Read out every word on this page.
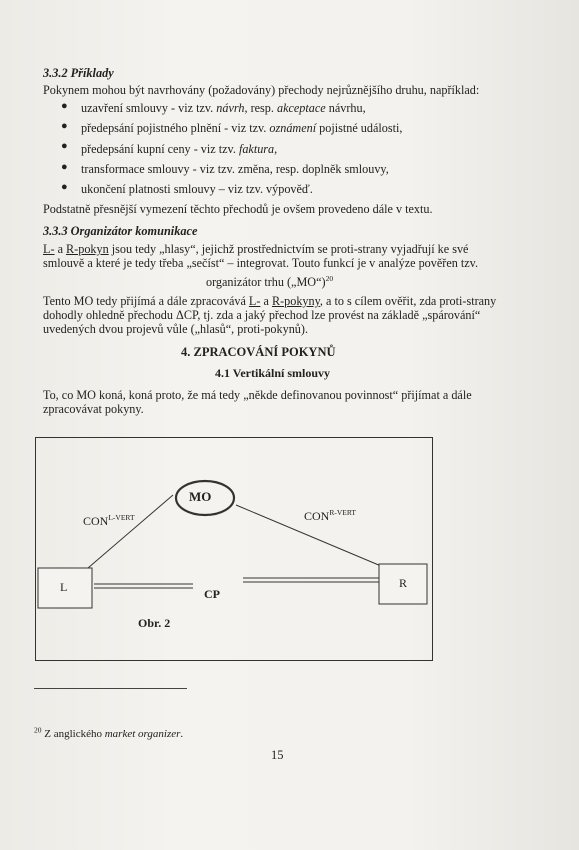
3.3.2 Příklady
Pokynem mohou být navrhovány (požadovány) přechody nejrůznějšího druhu, například:
● uzavření smlouvy - viz tzv. návrh, resp. akceptace návrhu,
● předepsání pojistného plnění - viz tzv. oznámení pojistné události,
● předepsání kupní ceny - viz tzv. faktura,
● transformace smlouvy - viz tzv. změna, resp. doplněk smlouvy,
● ukončení platnosti smlouvy – viz tzv. výpověď.
Podstatně přesnější vymezení těchto přechodů je ovšem provedeno dále v textu.
3.3.3 Organizátor komunikace
L- a R-pokyn jsou tedy „hlasy“, jejichž prostřednictvím se proti-strany vyjadřují ke své
smlouvě a které je tedy třeba „sečíst“ – integrovat. Touto funkcí je v analýze pověřen tzv.
organizátor trhu („MO“)$^{20}$
Tento MO tedy přijímá a dále zpracovává L- a R-pokyny, a to s cílem ověřit, zda proti-strany
dohodly ohledně přechodu ΔCP, tj. zda a jaký přechod lze provést na základě „spárování“
uvedených dvou projevů vůle („hlasů“, proti-pokynů).
4. ZPRACOVÁNÍ POKYNŮ
4.1 Vertikální smlouvy
To, co MO koná, koná proto, že má tedy „někde definovanou povinnost“ přijímat a dále
zpracovávat pokyny.
MO
$CON^{L-VERT}$	$CON^{R-VERT}$
L	R
CP
Obr. 2
$^{20}$ Z anglického market organizer.
15
